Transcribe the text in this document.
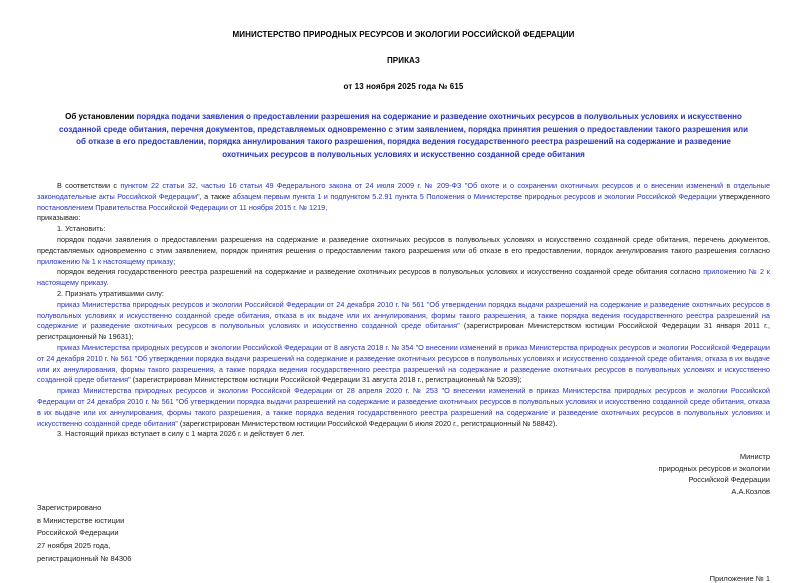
МИНИСТЕРСТВО ПРИРОДНЫХ РЕСУРСОВ И ЭКОЛОГИИ РОССИЙСКОЙ ФЕДЕРАЦИИ

ПРИКАЗ

от 13 ноября 2025 года № 615

Об установлении порядка подачи заявления о предоставлении разрешения на содержание и разведение охотничьих ресурсов в полувольных условиях и искусственно созданной среде обитания, перечня документов, представляемых одновременно с этим заявлением, порядка принятия решения о предоставлении такого разрешения или об отказе в его предоставлении, порядка аннулирования такого разрешения, порядка ведения государственного реестра разрешений на содержание и разведение охотничьих ресурсов в полувольных условиях и искусственно созданной среде обитания

В соответствии с пунктом 22 статьи 32, частью 16 статьи 49 Федерального закона от 24 июля 2009 г. № 209-ФЗ "Об охоте и о сохранении охотничьих ресурсов и о внесении изменений в отдельные законодательные акты Российской Федерации", а также абзацем первым пункта 1 и подпунктом 5.2.91 пункта 5 Положения о Министерстве природных ресурсов и экологии Российской Федерации утвержденного постановлением Правительства Российской Федерации от 11 ноября 2015 г. № 1219,

приказываю:

1. Установить:

порядок подачи заявления о предоставлении разрешения на содержание и разведение охотничьих ресурсов в полувольных условиях и искусственно созданной среде обитания, перечень документов, представляемых одновременно с этим заявлением, порядок принятия решения о предоставлении такого разрешения или об отказе в его предоставлении, порядок аннулирования такого разрешения согласно приложению № 1 к настоящему приказу;

порядок ведения государственного реестра разрешений на содержание и разведение охотничьих ресурсов в полувольных условиях и искусственно созданной среде обитания согласно приложению № 2 к настоящему приказу.

2. Признать утратившими силу:

приказ Министерства природных ресурсов и экологии Российской Федерации от 24 декабря 2010 г. № 561 "Об утверждении порядка выдачи разрешений на содержание и разведение охотничьих ресурсов в полувольных условиях и искусственно созданной среде обитания, отказа в их выдаче или их аннулирования, формы такого разрешения, а также порядка ведения государственного реестра разрешений на содержание и разведение охотничьих ресурсов в полувольных условиях и искусственно созданной среде обитания" (зарегистрирован Министерством юстиции Российской Федерации 31 января 2011 г., регистрационный № 19631);

приказ Министерства природных ресурсов и экологии Российской Федерации от 8 августа 2018 г. № 354 "О внесении изменений в приказ Министерства природных ресурсов и экологии Российской Федерации от 24 декабря 2010 г. № 561 "Об утверждении порядка выдачи разрешений на содержание и разведение охотничьих ресурсов в полувольных условиях и искусственно созданной среде обитания, отказа в их выдаче или их аннулирования, формы такого разрешения, а также порядка ведения государственного реестра разрешений на содержание и разведение охотничьих ресурсов в полувольных условиях и искусственно созданной среде обитания" (зарегистрирован Министерством юстиции Российской Федерации 31 августа 2018 г., регистрационный № 52039);

приказ Министерства природных ресурсов и экологии Российской Федерации от 28 апреля 2020 г. № 253 "О внесении изменений в приказ Министерства природных ресурсов и экологии Российской Федерации от 24 декабря 2010 г. № 561 "Об утверждении порядка выдачи разрешений на содержание и разведение охотничьих ресурсов в полувольных условиях и искусственно созданной среде обитания, отказа в их выдаче или их аннулирования, формы такого разрешения, а также порядка ведения государственного реестра разрешений на содержание и разведение охотничьих ресурсов в полувольных условиях и искусственно созданной среде обитания" (зарегистрирован Министерством юстиции Российской Федерации 6 июля 2020 г., регистрационный № 58842).

3. Настоящий приказ вступает в силу с 1 марта 2026 г. и действует 6 лет.

Министр
природных ресурсов и экологии
Российской Федерации
А.А.Козлов
Зарегистрировано
в Министерстве юстиции
Российской Федерации
27 ноября 2025 года,
регистрационный № 84306

Приложение № 1
